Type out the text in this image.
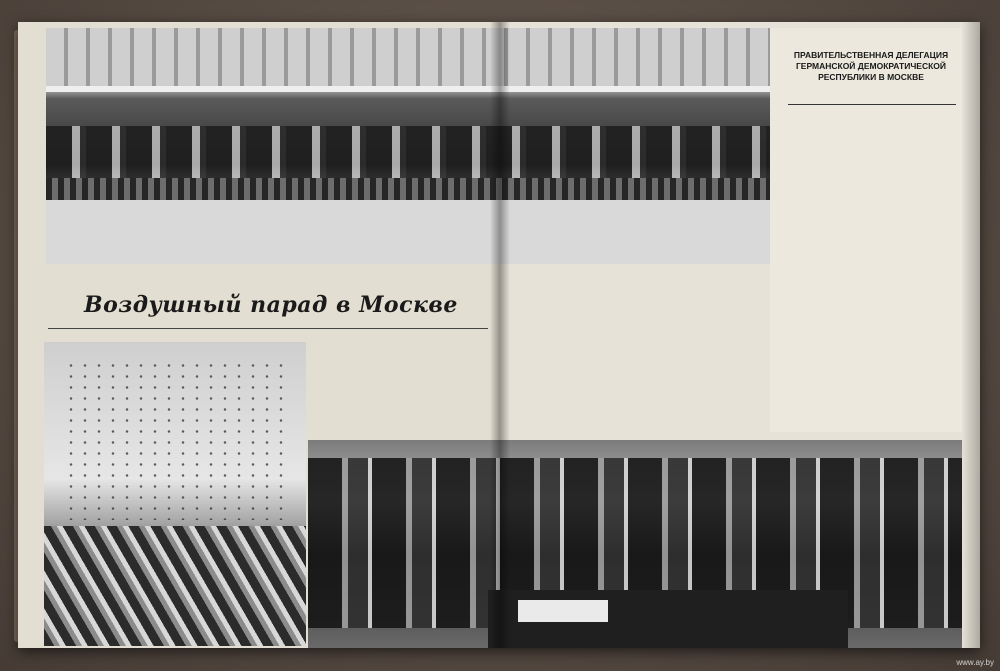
Воздушный парад в Москве
ПРАВИТЕЛЬСТВЕННАЯ ДЕЛЕГАЦИЯ ГЕРМАНСКОЙ ДЕМОКРАТИЧЕСКОЙ РЕСПУБЛИКИ В МОСКВЕ
www.ay.by
